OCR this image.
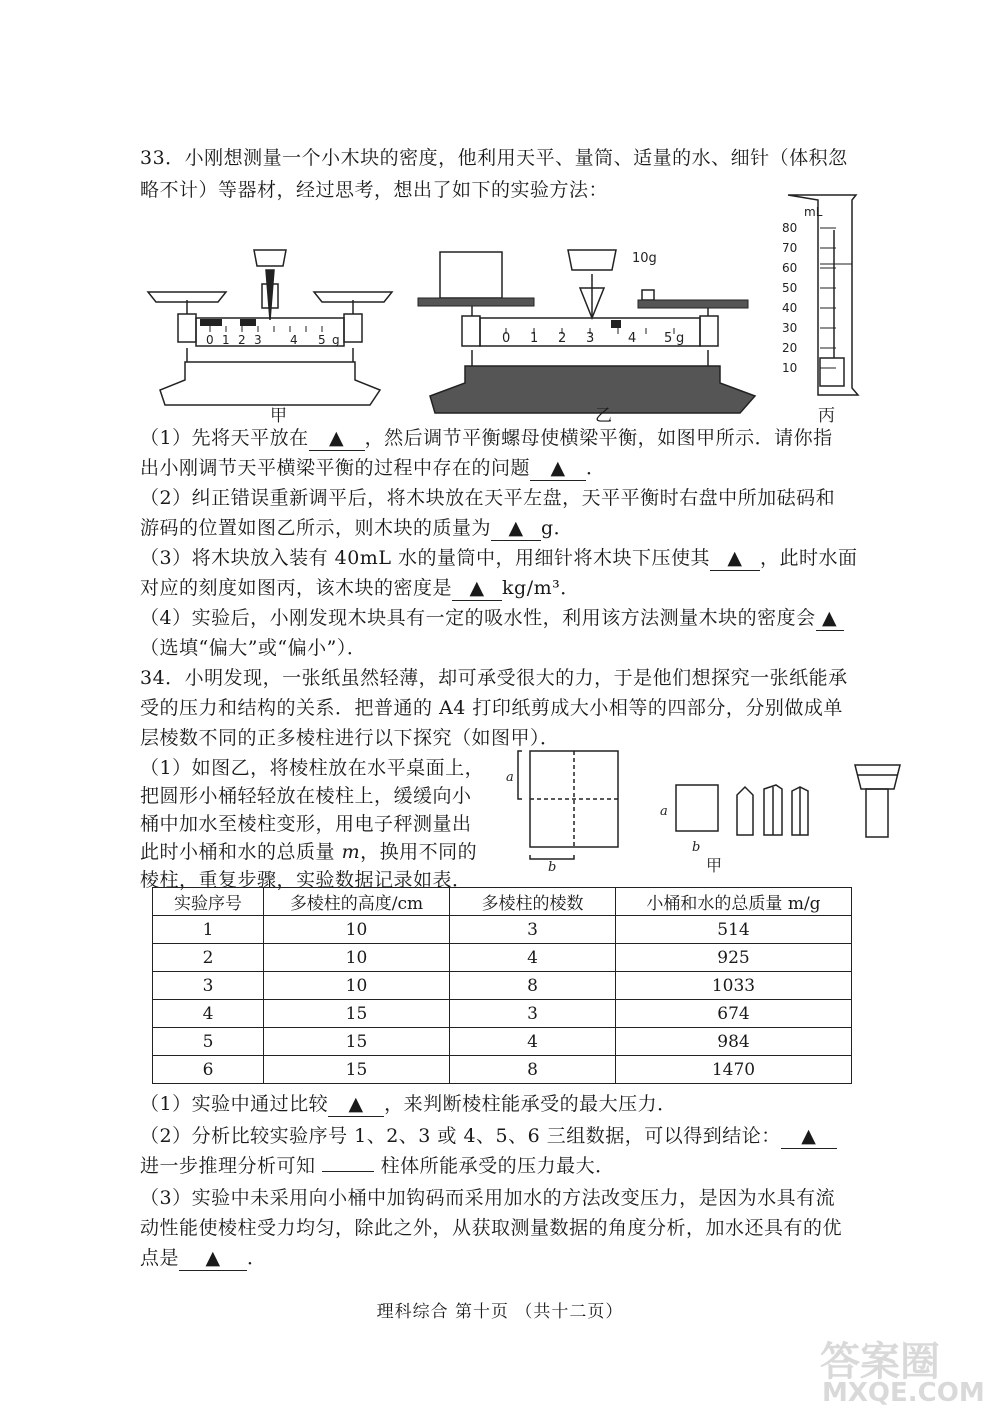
33．小刚想测量一个小木块的密度，他利用天平、量筒、适量的水、细针（体积忽
略不计）等器材，经过思考，想出了如下的实验方法：
0 1 2 3 4 5 g
甲
0 1 2 3	4 5 g
10g
乙
mL
80
70
60
50
40
30
20
10
丙
（1）先将天平放在 ▲ ，然后调节平衡螺母使横梁平衡，如图甲所示．请你指
出小刚调节天平横梁平衡的过程中存在的问题 ▲ ．
（2）纠正错误重新调平后，将木块放在天平左盘，天平平衡时右盘中所加砝码和
游码的位置如图乙所示，则木块的质量为 ▲ g．
（3）将木块放入装有 40mL 水的量筒中，用细针将木块下压使其 ▲ ，此时水面
对应的刻度如图丙，该木块的密度是 ▲ kg/m³．
（4）实验后，小刚发现木块具有一定的吸水性，利用该方法测量木块的密度会 ▲
（选填“偏大”或“偏小”）．
34．小明发现，一张纸虽然轻薄，却可承受很大的力，于是他们想探究一张纸能承
受的压力和结构的关系．把普通的 A4 打印纸剪成大小相等的四部分，分别做成单
层棱数不同的正多棱柱进行以下探究（如图甲）．
（1）如图乙，将棱柱放在水平桌面上，
把圆形小桶轻轻放在棱柱上，缓缓向小
桶中加水至棱柱变形，用电子秤测量出
此时小桶和水的总质量 m，换用不同的
棱柱，重复步骤，实验数据记录如表．
a
b
a
b
甲
实验序号	多棱柱的高度/cm	多棱柱的棱数	小桶和水的总质量 m/g
1	10	3	514
2	10	4	925
3	10	8	1033
4	15	3	674
5	15	4	984
6	15	8	1470
（1）实验中通过比较 ▲ ，来判断棱柱能承受的最大压力．
（2）分析比较实验序号 1、2、3 或 4、5、6 三组数据，可以得到结论： ▲
进一步推理分析可知	柱体所能承受的压力最大．
（3）实验中未采用向小桶中加钩码而采用加水的方法改变压力，是因为水具有流
动性能使棱柱受力均匀，除此之外，从获取测量数据的角度分析，加水还具有的优
点是 ▲ ．
理科综合 第十页 （共十二页）
答案圈
MXQE.COM
